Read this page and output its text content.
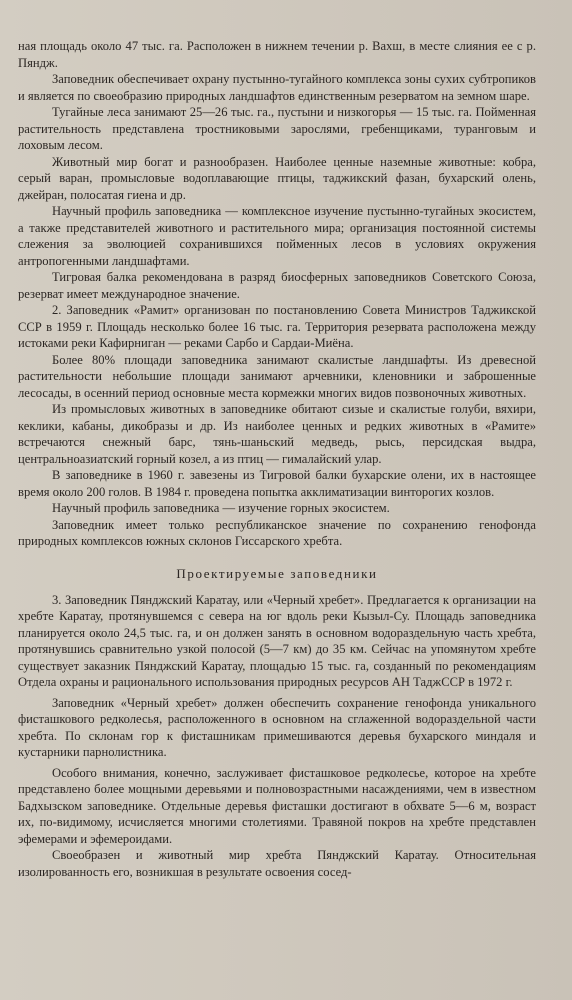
ная площадь около 47 тыс. га. Расположен в нижнем течении р. Вахш, в месте слияния ее с р. Пяндж.

Заповедник обеспечивает охрану пустынно-тугайного комплекса зоны сухих субтропиков и является по своеобразию природных ландшафтов единственным резерватом на земном шаре.

Тугайные леса занимают 25—26 тыс. га., пустыни и низкогорья — 15 тыс. га. Пойменная растительность представлена тростниковыми зарослями, гребенщиками, туранговым и лоховым лесом.

Животный мир богат и разнообразен. Наиболее ценные наземные животные: кобра, серый варан, промысловые водоплавающие птицы, таджикский фазан, бухарский олень, джейран, полосатая гиена и др.

Научный профиль заповедника — комплексное изучение пустынно-тугайных экосистем, а также представителей животного и растительного мира; организация постоянной системы слежения за эволюцией сохранившихся пойменных лесов в условиях окружения антропогенными ландшафтами.

Тигровая балка рекомендована в разряд биосферных заповедников Советского Союза, резерват имеет международное значение.

2. Заповедник «Рамит» организован по постановлению Совета Министров Таджикской ССР в 1959 г. Площадь несколько более 16 тыс. га. Территория резервата расположена между истоками реки Кафирниган — реками Сарбо и Сардаи-Миёна.

Более 80% площади заповедника занимают скалистые ландшафты. Из древесной растительности небольшие площади занимают арчевники, кленовники и заброшенные лесосады, в осенний период основные места кормежки многих видов позвоночных животных.

Из промысловых животных в заповеднике обитают сизые и скалистые голуби, вяхири, кеклики, кабаны, дикобразы и др. Из наиболее ценных и редких животных в «Рамите» встречаются снежный барс, тянь-шаньский медведь, рысь, персидская выдра, центральноазиатский горный козел, а из птиц — гималайский улар.

В заповеднике в 1960 г. завезены из Тигровой балки бухарские олени, их в настоящее время около 200 голов. В 1984 г. проведена попытка акклиматизации винторогих козлов.

Научный профиль заповедника — изучение горных экосистем.

Заповедник имеет только республиканское значение по сохранению генофонда природных комплексов южных склонов Гиссарского хребта.

Проектируемые заповедники

3. Заповедник Пянджский Каратау, или «Черный хребет». Предлагается к организации на хребте Каратау, протянувшемся с севера на юг вдоль реки Кызыл-Су. Площадь заповедника планируется около 24,5 тыс. га, и он должен занять в основном водораздельную часть хребта, протянувшись сравнительно узкой полосой (5—7 км) до 35 км. Сейчас на упомянутом хребте существует заказник Пянджский Каратау, площадью 15 тыс. га, созданный по рекомендациям Отдела охраны и рационального использования природных ресурсов АН ТаджССР в 1972 г.

Заповедник «Черный хребет» должен обеспечить сохранение генофонда уникального фисташкового редколесья, расположенного в основном на сглаженной водораздельной части хребта. По склонам гор к фисташникам примешиваются деревья бухарского миндаля и кустарники парнолистника.

Особого внимания, конечно, заслуживает фисташковое редколесье, которое на хребте представлено более мощными деревьями и полновозрастными насаждениями, чем в известном Бадхызском заповеднике. Отдельные деревья фисташки достигают в обхвате 5—6 м, возраст их, по-видимому, исчисляется многими столетиями. Травяной покров на хребте представлен эфемерами и эфемероидами.

Своеобразен и животный мир хребта Пянджский Каратау. Относительная изолированность его, возникшая в результате освоения сосед-
